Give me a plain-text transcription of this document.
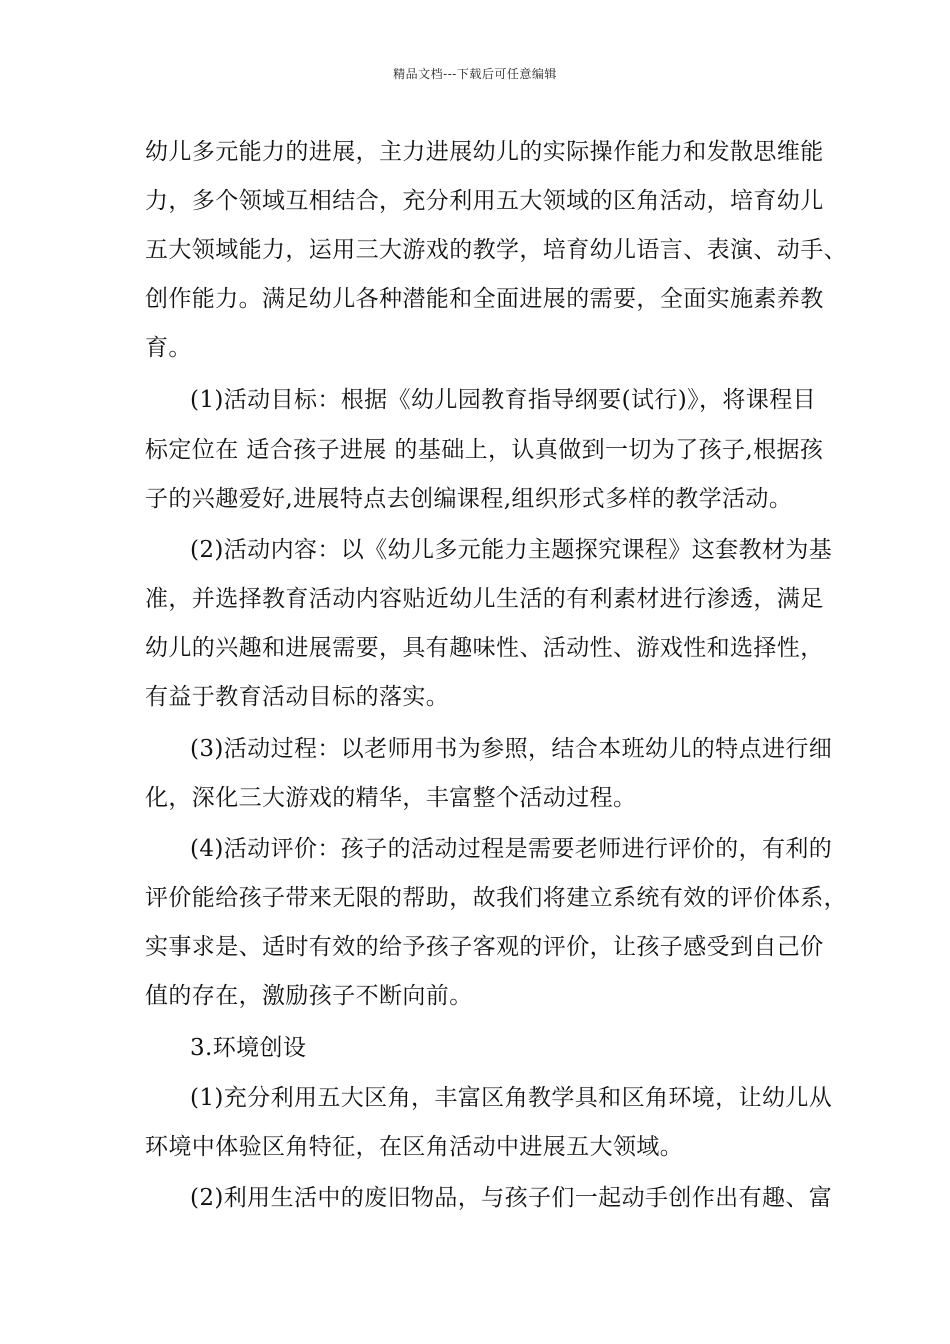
精品文档---下载后可任意编辑
幼儿多元能力的进展，主力进展幼儿的实际操作能力和发散思维能
力，多个领域互相结合，充分利用五大领域的区角活动，培育幼儿
五大领域能力，运用三大游戏的教学，培育幼儿语言、表演、动手、
创作能力。满足幼儿各种潜能和全面进展的需要，全面实施素养教
育。
(1)活动目标：根据《幼儿园教育指导纲要(试行)》，将课程目
标定位在 适合孩子进展 的基础上，认真做到一切为了孩子,根据孩
子的兴趣爱好,进展特点去创编课程,组织形式多样的教学活动。
(2)活动内容：以《幼儿多元能力主题探究课程》这套教材为基
准，并选择教育活动内容贴近幼儿生活的有利素材进行渗透，满足
幼儿的兴趣和进展需要，具有趣味性、活动性、游戏性和选择性，
有益于教育活动目标的落实。
(3)活动过程：以老师用书为参照，结合本班幼儿的特点进行细
化，深化三大游戏的精华，丰富整个活动过程。
(4)活动评价：孩子的活动过程是需要老师进行评价的，有利的
评价能给孩子带来无限的帮助，故我们将建立系统有效的评价体系，
实事求是、适时有效的给予孩子客观的评价，让孩子感受到自己价
值的存在，激励孩子不断向前。
3.环境创设
(1)充分利用五大区角，丰富区角教学具和区角环境，让幼儿从
环境中体验区角特征，在区角活动中进展五大领域。
(2)利用生活中的废旧物品，与孩子们一起动手创作出有趣、富
